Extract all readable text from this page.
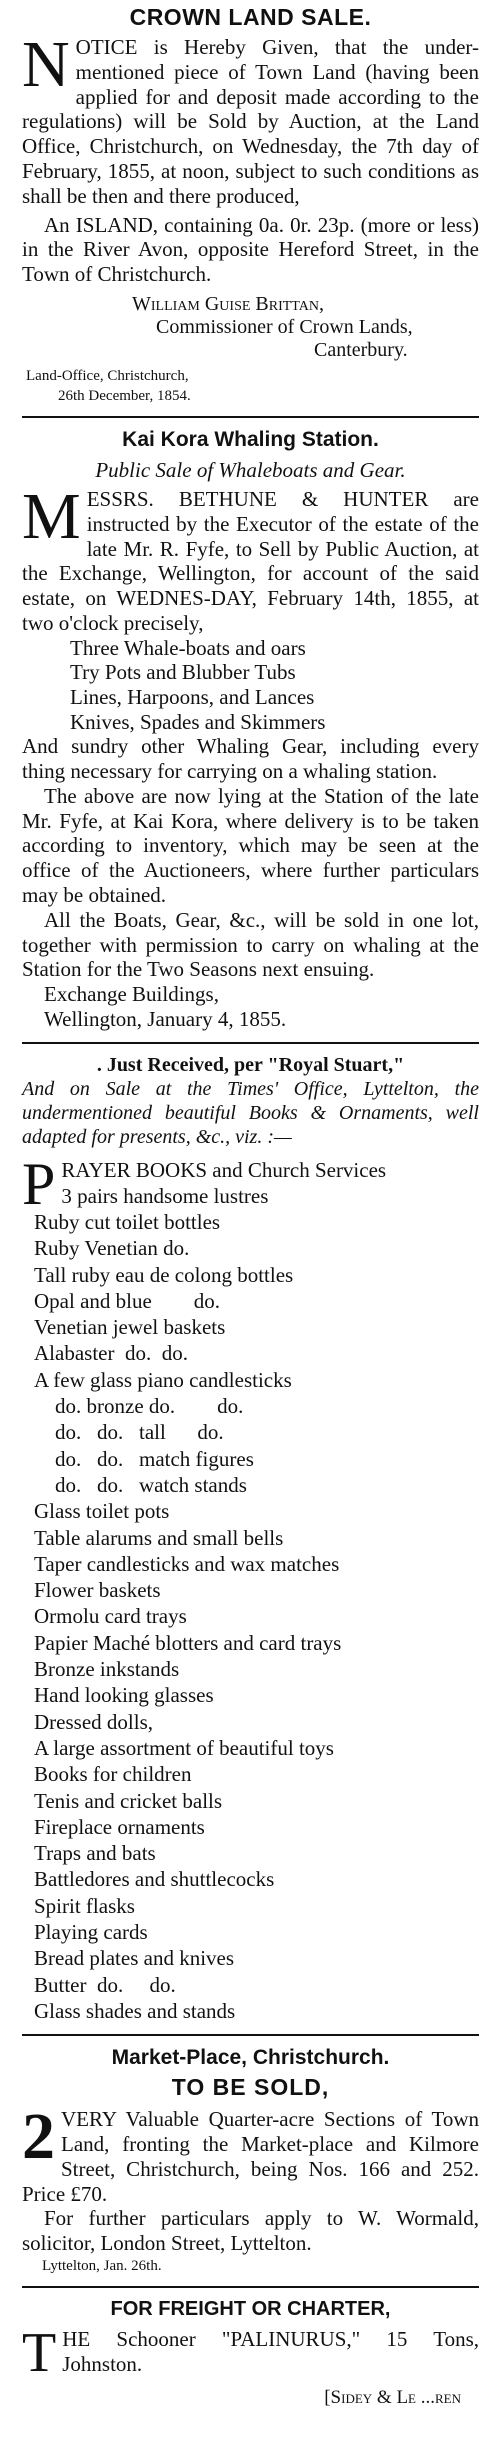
CROWN LAND SALE.
N OTICE is Hereby Given, that the under-mentioned piece of Town Land (having been applied for and deposit made according to the regulations) will be Sold by Auction, at the Land Office, Christchurch, on Wednesday, the 7th day of February, 1855, at noon, subject to such conditions as shall be then and there produced,

An ISLAND, containing 0a. 0r. 23p. (more or less) in the River Avon, opposite Hereford Street, in the Town of Christchurch.

William Guise Brittan,
Commissioner of Crown Lands,
Canterbury.
Land-Office, Christchurch,
26th December, 1854.
Kai Kora Whaling Station.
Public Sale of Whaleboats and Gear.
M ESSRS. BETHUNE & HUNTER are instructed by the Executor of the estate of the late Mr. R. Fyfe, to Sell by Public Auction, at the Exchange, Wellington, for account of the said estate, on WEDNES-DAY, February 14th, 1855, at two o'clock precisely,

Three Whale-boats and oars
Try Pots and Blubber Tubs
Lines, Harpoons, and Lances
Knives, Spades and Skimmers

And sundry other Whaling Gear, including every thing necessary for carrying on a whaling station.

The above are now lying at the Station of the late Mr. Fyfe, at Kai Kora, where delivery is to be taken according to inventory, which may be seen at the office of the Auctioneers, where further particulars may be obtained.

All the Boats, Gear, &c., will be sold in one lot, together with permission to carry on whaling at the Station for the Two Seasons next ensuing.

Exchange Buildings,
Wellington, January 4, 1855.
. Just Received, per "Royal Stuart,"
And on Sale at the Times' Office, Lyttelton, the undermentioned beautiful Books & Ornaments, well adapted for presents, &c., viz. :—
P RAYER BOOKS and Church Services
3 pairs handsome lustres
Ruby cut toilet bottles
Ruby Venetian do.
Tall ruby eau de colong bottles
Opal and blue        do.
Venetian jewel baskets
Alabaster  do.  do.
A few glass piano candlesticks
do. bronze do.        do.
do.   do.   tall      do.
do.   do.   match figures
do.   do.   watch stands
Glass toilet pots
Table alarums and small bells
Taper candlesticks and wax matches
Flower baskets
Ormolu card trays
Papier Maché blotters and card trays
Bronze inkstands
Hand looking glasses
Dressed dolls,
A large assortment of beautiful toys
Books for children
Tenis and cricket balls
Fireplace ornaments
Traps and bats
Battledores and shuttlecocks
Spirit flasks
Playing cards
Bread plates and knives
Butter  do.     do.
Glass shades and stands
Market-Place, Christchurch.
TO BE SOLD,
2 VERY Valuable Quarter-acre Sections of Town Land, fronting the Market-place and Kilmore Street, Christchurch, being Nos. 166 and 252. Price £70.

For further particulars apply to W. Wormald, solicitor, London Street, Lyttelton.

Lyttelton, Jan. 26th.
FOR FREIGHT OR CHARTER,
T HE Schooner "PALINURUS," 15 Tons, Johnston.

[Sidey & Le ...ren
